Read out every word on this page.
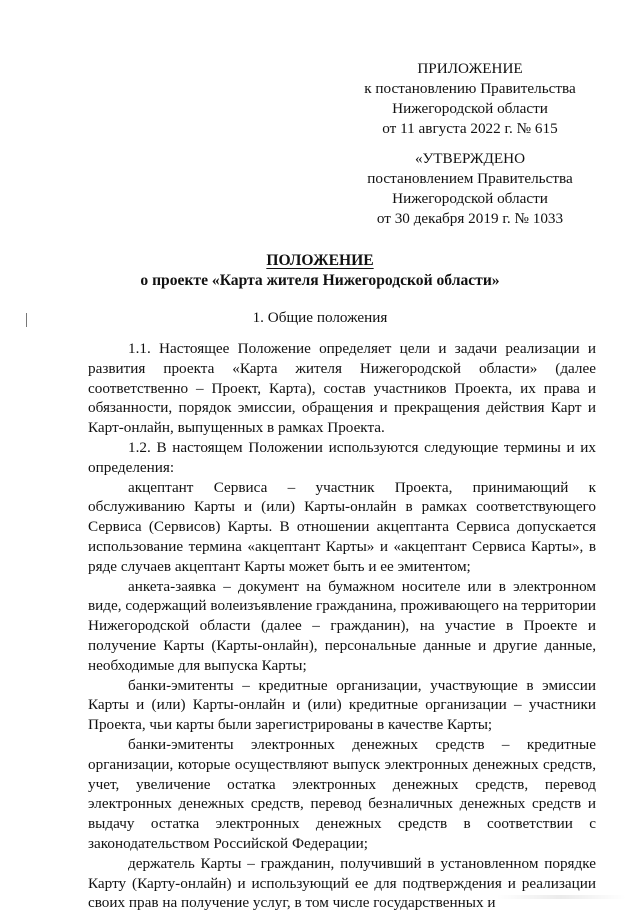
ПРИЛОЖЕНИЕ
к постановлению Правительства
Нижегородской области
от 11 августа 2022 г. № 615
«УТВЕРЖДЕНО
постановлением Правительства
Нижегородской области
от 30 декабря 2019 г. № 1033
ПОЛОЖЕНИЕ
о проекте «Карта жителя Нижегородской области»
1. Общие положения

1.1. Настоящее Положение определяет цели и задачи реализации и развития проекта «Карта жителя Нижегородской области» (далее соответственно – Проект, Карта), состав участников Проекта, их права и обязанности, порядок эмиссии, обращения и прекращения действия Карт и Карт-онлайн, выпущенных в рамках Проекта.

1.2. В настоящем Положении используются следующие термины и их определения:

акцептант Сервиса – участник Проекта, принимающий к обслуживанию Карты и (или) Карты-онлайн в рамках соответствующего Сервиса (Сервисов) Карты. В отношении акцептанта Сервиса допускается использование термина «акцептант Карты» и «акцептант Сервиса Карты», в ряде случаев акцептант Карты может быть и ее эмитентом;

анкета-заявка – документ на бумажном носителе или в электронном виде, содержащий волеизъявление гражданина, проживающего на территории Нижегородской области (далее – гражданин), на участие в Проекте и получение Карты (Карты-онлайн), персональные данные и другие данные, необходимые для выпуска Карты;

банки-эмитенты – кредитные организации, участвующие в эмиссии Карты и (или) Карты-онлайн и (или) кредитные организации – участники Проекта, чьи карты были зарегистрированы в качестве Карты;

банки-эмитенты электронных денежных средств – кредитные организации, которые осуществляют выпуск электронных денежных средств, учет, увеличение остатка электронных денежных средств, перевод электронных денежных средств, перевод безналичных денежных средств и выдачу остатка электронных денежных средств в соответствии с законодательством Российской Федерации;

держатель Карты – гражданин, получивший в установленном порядке Карту (Карту-онлайн) и использующий ее для подтверждения и реализации своих прав на получение услуг, в том числе государственных и
